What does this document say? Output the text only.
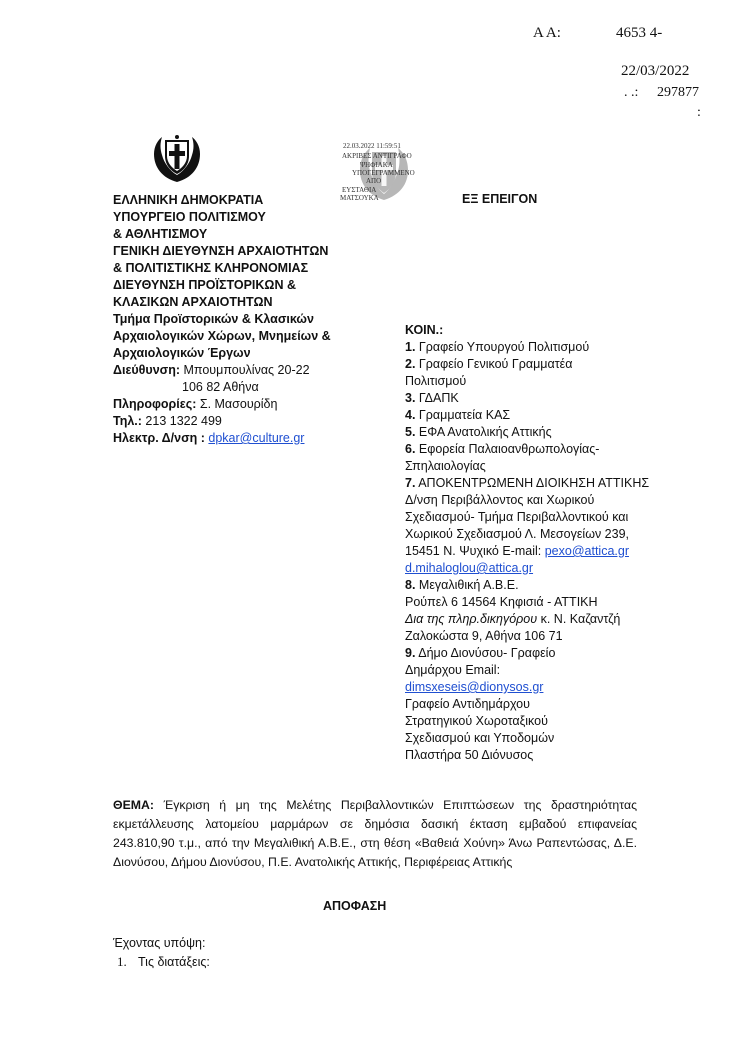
Α Α:	4653 4-
22/03/2022
. .: 297877
:
22.03.2022 11:59:51
ΑΚΡΙΒΕΣ ΑΝΤΙΓΡΑΦΟ
ΨΗΦΙΑΚΑ
ΥΠΟΓΕΓΡΑΜΜΕΝΟ
ΑΠΟ
ΕΥΣΤΑΘΙΑ
ΜΑΤΣΟΥΚΑ
ΕΛΛΗΝΙΚΗ ΔΗΜΟΚΡΑΤΙΑ
ΥΠΟΥΡΓΕΙΟ ΠΟΛΙΤΙΣΜΟΥ
& ΑΘΛΗΤΙΣΜΟΥ
ΓΕΝΙΚΗ ΔΙΕΥΘΥΝΣΗ ΑΡΧΑΙΟΤΗΤΩΝ
& ΠΟΛΙΤΙΣΤΙΚΗΣ ΚΛΗΡΟΝΟΜΙΑΣ
ΔΙΕΥΘΥΝΣΗ ΠΡΟΪΣΤΟΡΙΚΩΝ &
ΚΛΑΣΙΚΩΝ ΑΡΧΑΙΟΤΗΤΩΝ
Τμήμα Προϊστορικών & Κλασικών
Αρχαιολογικών Χώρων, Μνημείων &
Αρχαιολογικών Έργων
Διεύθυνση: Μπουμπουλίνας 20-22
106 82 Αθήνα
Πληροφορίες: Σ. Μασουρίδη
Τηλ.: 213 1322 499
Ηλεκτρ. Δ/νση : dpkar@culture.gr
ΕΞ ΕΠΕΙΓΟΝ
ΚΟΙΝ.:
1. Γραφείο Υπουργού Πολιτισμού
2. Γραφείο Γενικού Γραμματέα
Πολιτισμού
3. ΓΔΑΠΚ
4. Γραμματεία ΚΑΣ
5. ΕΦΑ Ανατολικής Αττικής
6. Εφορεία Παλαιοανθρωπολογίας-
Σπηλαιολογίας
7. ΑΠΟΚΕΝΤΡΩΜΕΝΗ ΔΙΟΙΚΗΣΗ ΑΤΤΙΚΗΣ
Δ/νση Περιβάλλοντος και Χωρικού
Σχεδιασμού- Τμήμα Περιβαλλοντικού και
Χωρικού Σχεδιασμού Λ. Μεσογείων 239,
15451 Ν. Ψυχικό E-mail: pexo@attica.gr
d.mihaloglou@attica.gr
8. Μεγαλιθική Α.Β.Ε.
Ρούπελ 6 14564 Κηφισιά - ΑΤΤΙΚΗ
Δια της πληρ.δικηγόρου κ. Ν. Καζαντζή
Ζαλοκώστα 9, Αθήνα 106 71
9. Δήμο Διονύσου- Γραφείο
Δημάρχου Email:
dimsxeseis@dionysos.gr
Γραφείο Αντιδημάρχου
Στρατηγικού Χωροταξικού
Σχεδιασμού και Υποδομών
Πλαστήρα 50 Διόνυσος
ΘΕΜΑ: Έγκριση ή μη της Μελέτης Περιβαλλοντικών Επιπτώσεων της δραστηριότητας εκμετάλλευσης λατομείου μαρμάρων σε δημόσια δασική έκταση εμβαδού επιφανείας 243.810,90 τ.μ., από την Μεγαλιθική Α.Β.Ε., στη θέση «Βαθειά Χούνη» Άνω Ραπεντώσας, Δ.Ε. Διονύσου, Δήμου Διονύσου, Π.Ε. Ανατολικής Αττικής, Περιφέρειας Αττικής
ΑΠΟΦΑΣΗ
Έχοντας υπόψη:
1. Τις διατάξεις:
